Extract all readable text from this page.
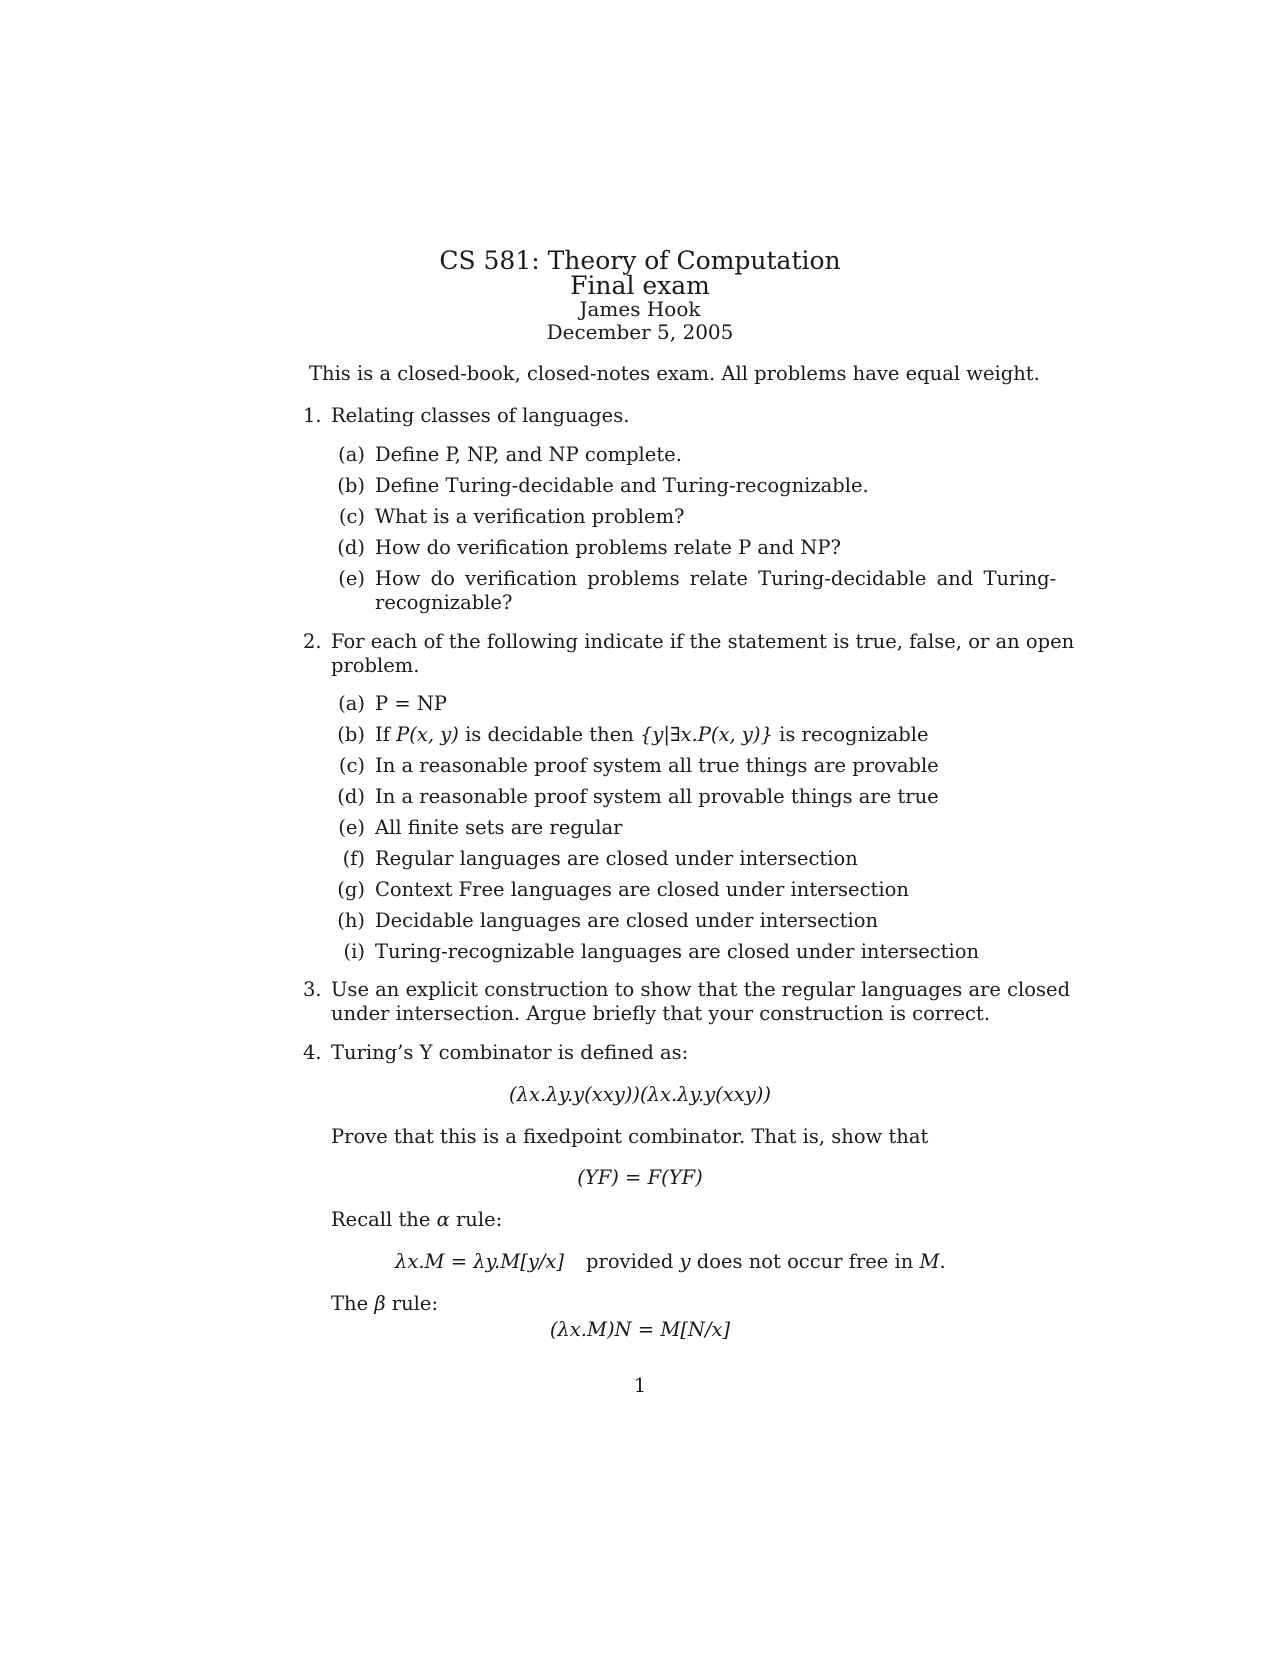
CS 581: Theory of Computation
Final exam
James Hook
December 5, 2005
This is a closed-book, closed-notes exam. All problems have equal weight.
1. Relating classes of languages.
(a) Define P, NP, and NP complete.
(b) Define Turing-decidable and Turing-recognizable.
(c) What is a verification problem?
(d) How do verification problems relate P and NP?
(e) How do verification problems relate Turing-decidable and Turing-
recognizable?
2. For each of the following indicate if the statement is true, false, or an open
problem.
(a) P = NP
(b) If P(x, y) is decidable then {y|∃x.P(x, y)} is recognizable
(c) In a reasonable proof system all true things are provable
(d) In a reasonable proof system all provable things are true
(e) All finite sets are regular
(f) Regular languages are closed under intersection
(g) Context Free languages are closed under intersection
(h) Decidable languages are closed under intersection
(i) Turing-recognizable languages are closed under intersection
3. Use an explicit construction to show that the regular languages are closed
under intersection. Argue briefly that your construction is correct.
4. Turing’s Y combinator is defined as:
(λx.λy.y(xxy))(λx.λy.y(xxy))
Prove that this is a fixedpoint combinator. That is, show that
(YF) = F(YF)
Recall the α rule:
λx.M = λy.M[y/x] provided y does not occur free in M.
The β rule:
(λx.M)N = M[N/x]
1
